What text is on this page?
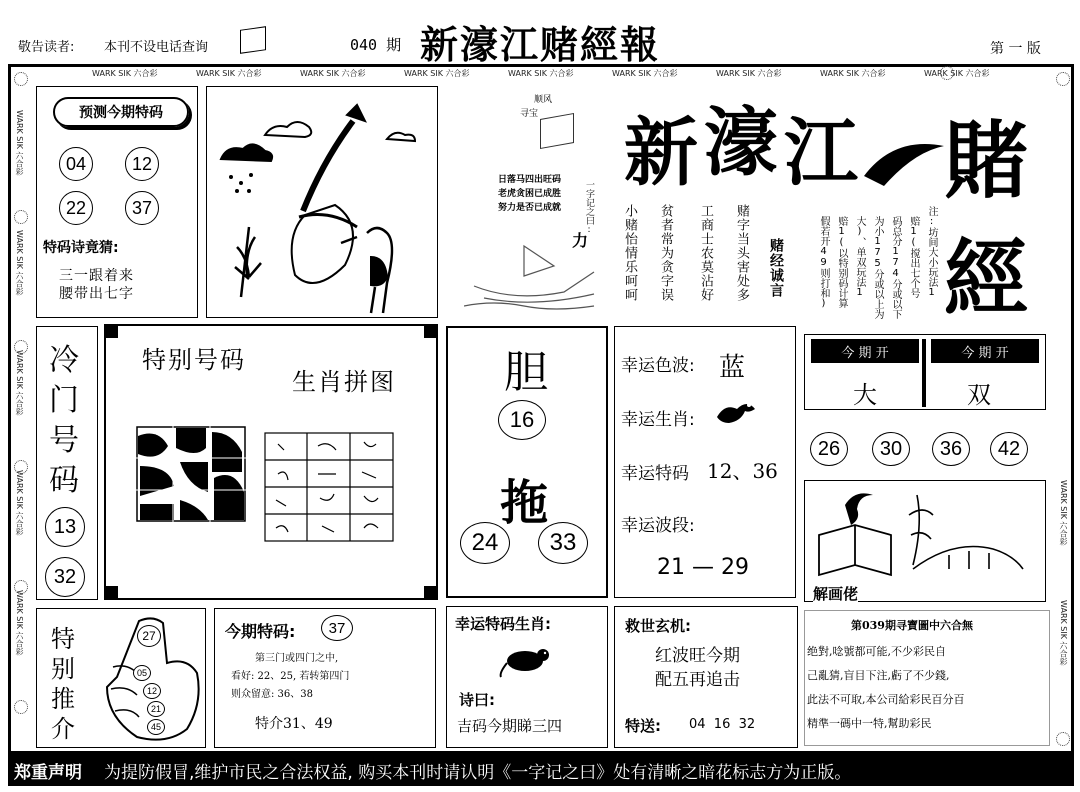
敬告读者: 本刊不设电话查询	040 期 新濠江赌經報	第 一 版
WARK SIK 六合彩	WARK SIK 六合彩	WARK SIK 六合彩	WARK SIK 六合彩	WARK SIK 六合彩	WARK SIK 六合彩	WARK SIK 六合彩	WARK SIK 六合彩	WARK SIK 六合彩
WARK SIK 六合彩
WARK SIK 六合彩
WARK SIK 六合彩
WARK SIK 六合彩
WARK SIK 六合彩	WARK SIK 六合彩
WARK SIK 六合彩
预测今期特码
04	12
22	37
特码诗竟猜:
三一跟着来
腰带出七字
顺风
寻宝
日落马四出旺码
老虎贪困已成胜
努力是否已成就	一字记之曰:
力	小赌怡情乐呵呵 贫者常为贪字误 工商士农莫沾好 赌字当头害处多 赌经诚言
新 濠 江 賭
經
注:坊间大小玩法1
赔1(搅出七个号
码总分174分或以下
为小175分或以上为
大)、单双玩法1
赔1(以特别码计算
假若开49则打和)
冷
门
号
码
13
32
特别号码
生肖拼图 胆
16
拖
24	33
幸运色波: 蓝
幸运生肖:
幸运特码 12、36
幸运波段:
21 — 29
今 期 开	今 期 开
大	双
26	30	36	42
解画佬
特
别
推
介
27
05
12
21
45
今期特码:	37
第三门或四门之中,
看好: 22、25, 若转第四门
则众留意: 36、38
特介31、49
幸运特码生肖:
诗曰:
吉码今期睇三四
救世玄机:
红波旺今期
配五再追击
特送: 04  16  32
第039期寻寶圖中六合無
绝對,唸號都可能,不少彩民自
己亂猜,盲目下注,虧了不少錢,
此法不可取,本公司給彩民百分百
精準一碼中一特,幫助彩民
郑重声明 为提防假冒,维护市民之合法权益, 购买本刊时请认明《一字记之曰》处有清晰之暗花标志方为正版。
